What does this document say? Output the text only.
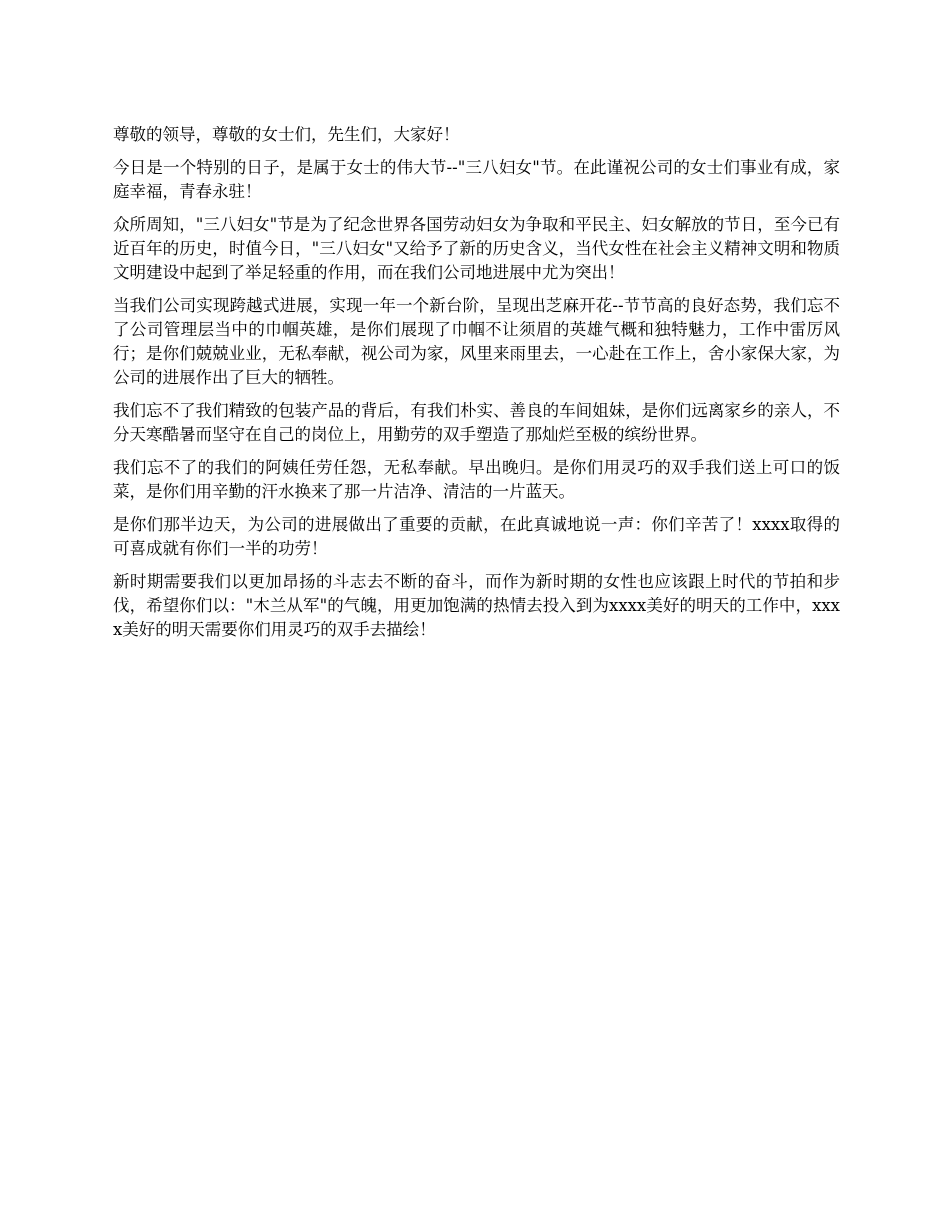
尊敬的领导，尊敬的女士们，先生们，大家好！

今日是一个特别的日子，是属于女士的伟大节--"三八妇女"节。在此谨祝公司的女士们事业有成，家庭幸福，青春永驻！

众所周知，"三八妇女"节是为了纪念世界各国劳动妇女为争取和平民主、妇女解放的节日，至今已有近百年的历史，时值今日，"三八妇女"又给予了新的历史含义，当代女性在社会主义精神文明和物质文明建设中起到了举足轻重的作用，而在我们公司地进展中尤为突出！

当我们公司实现跨越式进展，实现一年一个新台阶，呈现出芝麻开花--节节高的良好态势，我们忘不了公司管理层当中的巾帼英雄，是你们展现了巾帼不让须眉的英雄气概和独特魅力，工作中雷厉风行；是你们兢兢业业，无私奉献，视公司为家，风里来雨里去，一心赴在工作上，舍小家保大家，为公司的进展作出了巨大的牺牲。

我们忘不了我们精致的包装产品的背后，有我们朴实、善良的车间姐妹，是你们远离家乡的亲人，不分天寒酷暑而坚守在自己的岗位上，用勤劳的双手塑造了那灿烂至极的缤纷世界。

我们忘不了的我们的阿姨任劳任怨，无私奉献。早出晚归。是你们用灵巧的双手我们送上可口的饭菜，是你们用辛勤的汗水换来了那一片洁净、清洁的一片蓝天。

是你们那半边天，为公司的进展做出了重要的贡献，在此真诚地说一声：你们辛苦了！xxxx取得的可喜成就有你们一半的功劳！

新时期需要我们以更加昂扬的斗志去不断的奋斗，而作为新时期的女性也应该跟上时代的节拍和步伐，希望你们以："木兰从军"的气魄，用更加饱满的热情去投入到为xxxx美好的明天的工作中，xxxx美好的明天需要你们用灵巧的双手去描绘！
